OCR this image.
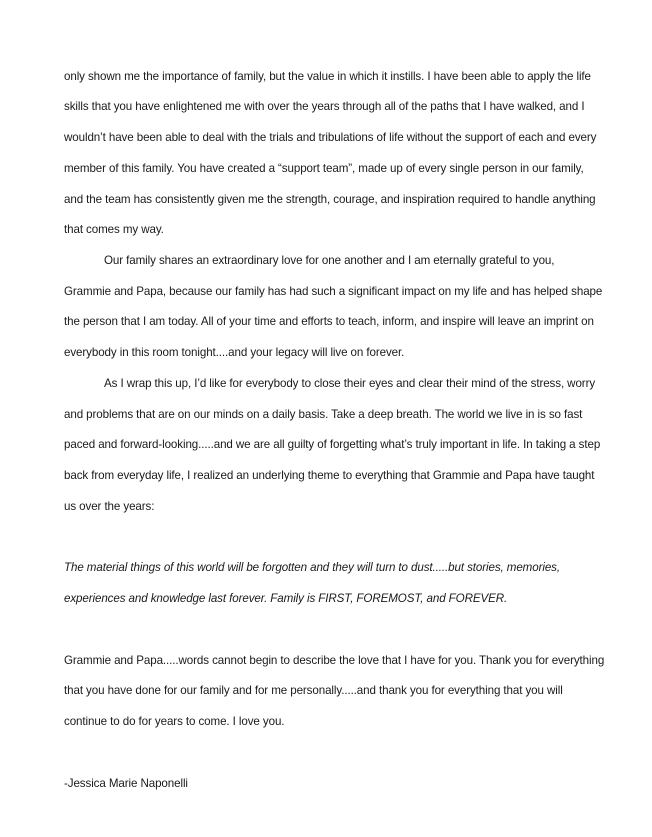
only shown me the importance of family, but the value in which it instills. I have been able to apply the life

skills that you have enlightened me with over the years through all of the paths that I have walked, and I

wouldn’t have been able to deal with the trials and tribulations of life without the support of each and every

member of this family. You have created a “support team”, made up of every single person in our family,

and the team has consistently given me the strength, courage, and inspiration required to handle anything

that comes my way.

Our family shares an extraordinary love for one another and I am eternally grateful to you,

Grammie and Papa, because our family has had such a significant impact on my life and has helped shape

the person that I am today. All of your time and efforts to teach, inform, and inspire will leave an imprint on

everybody in this room tonight....and your legacy will live on forever.

As I wrap this up, I’d like for everybody to close their eyes and clear their mind of the stress, worry

and problems that are on our minds on a daily basis. Take a deep breath. The world we live in is so fast

paced and forward-looking.....and we are all guilty of forgetting what’s truly important in life. In taking a step

back from everyday life, I realized an underlying theme to everything that Grammie and Papa have taught

us over the years:

The material things of this world will be forgotten and they will turn to dust.....but stories, memories,

experiences and knowledge last forever. Family is FIRST, FOREMOST, and FOREVER.

Grammie and Papa.....words cannot begin to describe the love that I have for you. Thank you for everything

that you have done for our family and for me personally.....and thank you for everything that you will

continue to do for years to come. I love you.

-Jessica Marie Naponelli
